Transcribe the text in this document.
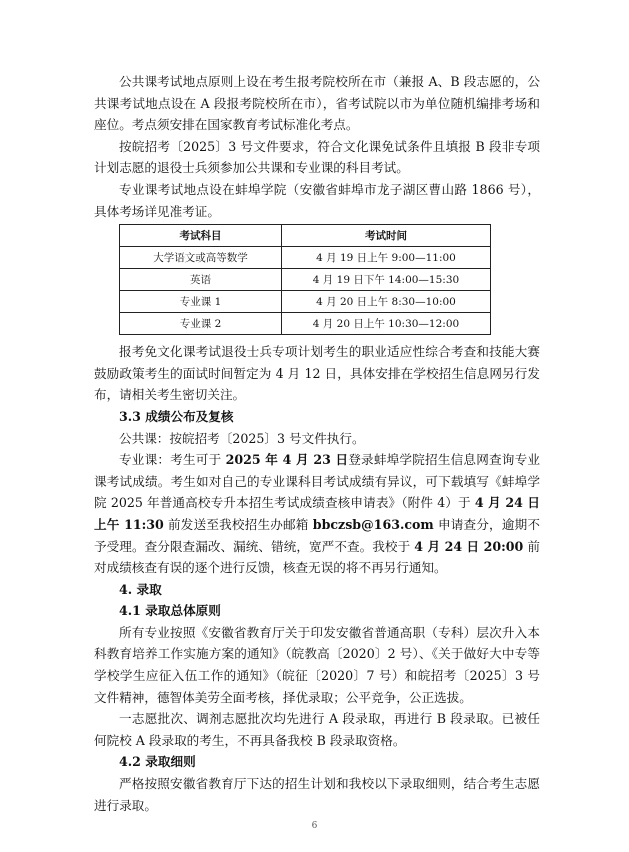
公共课考试地点原则上设在考生报考院校所在市（兼报 A、B 段志愿的，公共课考试地点设在 A 段报考院校所在市），省考试院以市为单位随机编排考场和座位。考点须安排在国家教育考试标准化考点。

按皖招考〔2025〕3 号文件要求，符合文化课免试条件且填报 B 段非专项计划志愿的退役士兵须参加公共课和专业课的科目考试。

专业课考试地点设在蚌埠学院（安徽省蚌埠市龙子湖区曹山路 1866 号），具体考场详见准考证。

考试科目	考试时间
大学语文或高等数学	4 月 19 日上午 9:00—11:00
英语	4 月 19 日下午 14:00—15:30
专业课 1	4 月 20 日上午 8:30—10:00
专业课 2	4 月 20 日上午 10:30—12:00

报考免文化课考试退役士兵专项计划考生的职业适应性综合考查和技能大赛鼓励政策考生的面试时间暂定为 4 月 12 日，具体安排在学校招生信息网另行发布，请相关考生密切关注。

3.3 成绩公布及复核

公共课：按皖招考〔2025〕3 号文件执行。

专业课：考生可于 2025 年 4 月 23 日登录蚌埠学院招生信息网查询专业课考试成绩。考生如对自己的专业课科目考试成绩有异议，可下载填写《蚌埠学院 2025 年普通高校专升本招生考试成绩查核申请表》（附件 4）于 4 月 24 日上午 11:30 前发送至我校招生办邮箱 bbczsb@163.com 申请查分，逾期不予受理。查分限查漏改、漏统、错统，宽严不查。我校于 4 月 24 日 20:00 前对成绩核查有误的逐个进行反馈，核查无误的将不再另行通知。

4. 录取

4.1 录取总体原则

所有专业按照《安徽省教育厅关于印发安徽省普通高职（专科）层次升入本科教育培养工作实施方案的通知》（皖教高〔2020〕2 号）、《关于做好大中专等学校学生应征入伍工作的通知》（皖征〔2020〕7 号）和皖招考〔2025〕3 号文件精神，德智体美劳全面考核，择优录取；公平竞争，公正选拔。

一志愿批次、调剂志愿批次均先进行 A 段录取，再进行 B 段录取。已被任何院校 A 段录取的考生，不再具备我校 B 段录取资格。

4.2 录取细则

严格按照安徽省教育厅下达的招生计划和我校以下录取细则，结合考生志愿进行录取。

6
